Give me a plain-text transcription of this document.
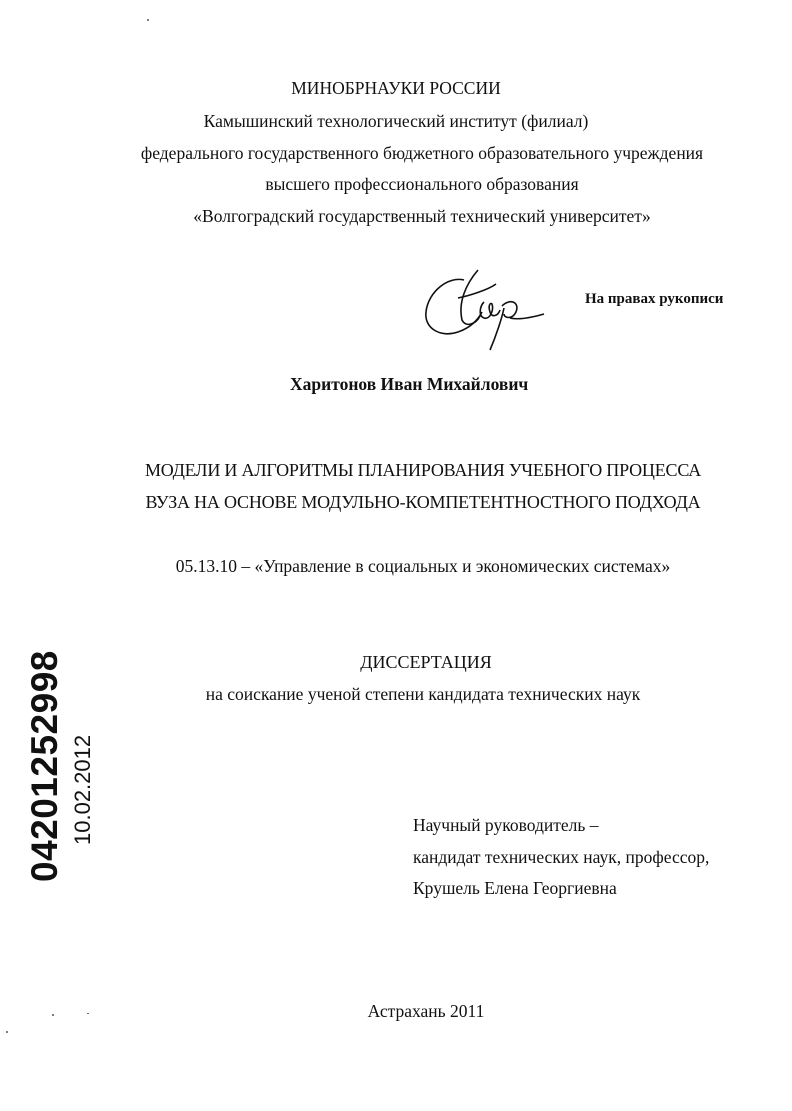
МИНОБРНАУКИ РОССИИ
Камышинский технологический институт (филиал)
федерального государственного бюджетного образовательного учреждения
высшего профессионального образования
«Волгоградский государственный технический университет»
На правах рукописи
Харитонов Иван Михайлович
МОДЕЛИ И АЛГОРИТМЫ ПЛАНИРОВАНИЯ УЧЕБНОГО ПРОЦЕССА
ВУЗА НА ОСНОВЕ МОДУЛЬНО-КОМПЕТЕНТНОСТНОГО ПОДХОДА
05.13.10 – «Управление в социальных и экономических системах»
ДИССЕРТАЦИЯ
на соискание ученой степени кандидата технических наук
Научный руководитель –
кандидат технических наук, профессор,
Крушель Елена Георгиевна
Астрахань 2011
04201252998 10.02.2012
